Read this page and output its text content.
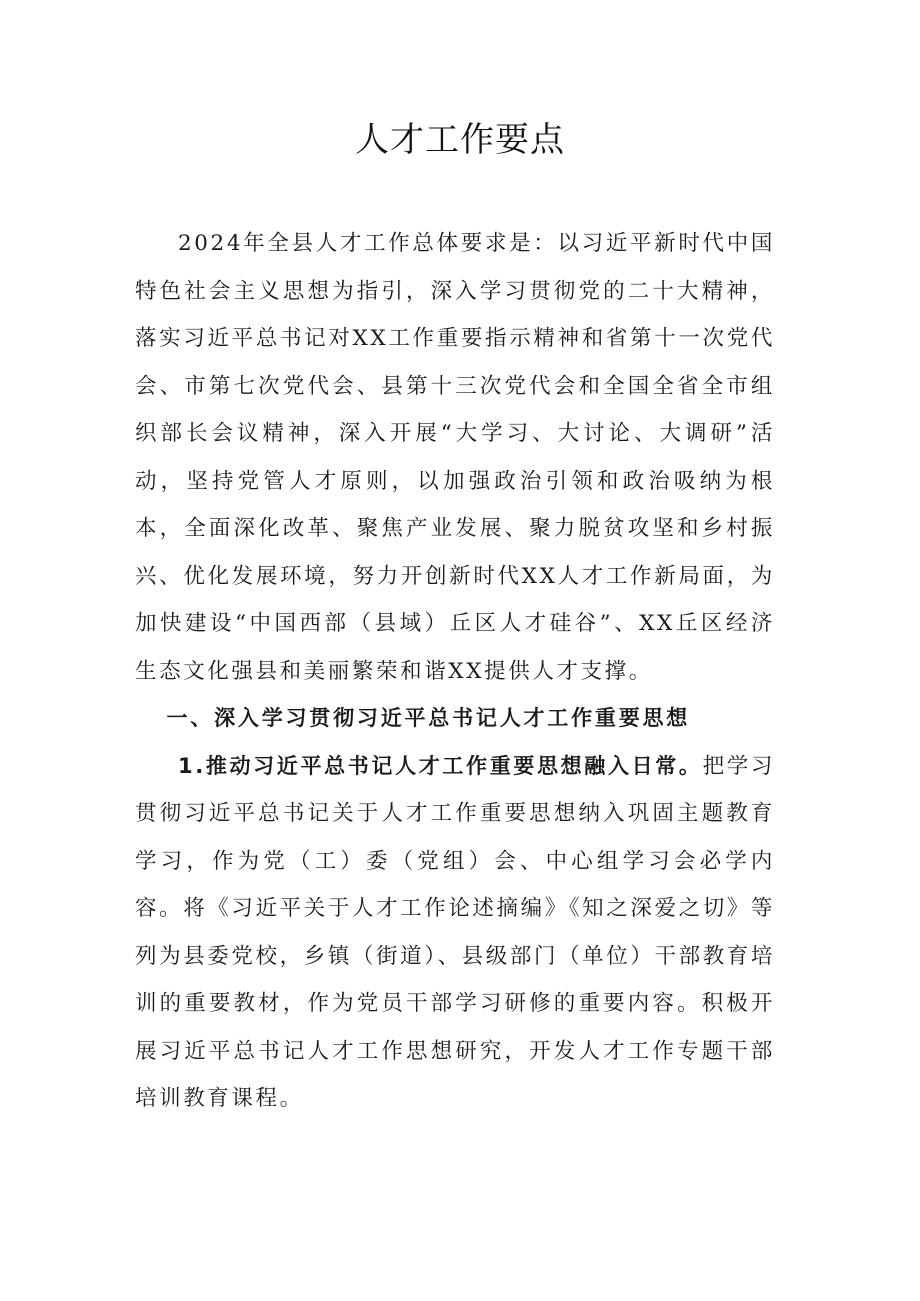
人才工作要点

2024年全县人才工作总体要求是：以习近平新时代中国特色社会主义思想为指引，深入学习贯彻党的二十大精神，落实习近平总书记对XX工作重要指示精神和省第十一次党代会、市第七次党代会、县第十三次党代会和全国全省全市组织部长会议精神，深入开展“大学习、大讨论、大调研”活动，坚持党管人才原则，以加强政治引领和政治吸纳为根本，全面深化改革、聚焦产业发展、聚力脱贫攻坚和乡村振兴、优化发展环境，努力开创新时代XX人才工作新局面，为加快建设“中国西部（县域）丘区人才硅谷”、XX丘区经济生态文化强县和美丽繁荣和谐XX提供人才支撑。

一、深入学习贯彻习近平总书记人才工作重要思想

1.推动习近平总书记人才工作重要思想融入日常。把学习贯彻习近平总书记关于人才工作重要思想纳入巩固主题教育学习，作为党（工）委（党组）会、中心组学习会必学内容。将《习近平关于人才工作论述摘编》《知之深爱之切》等列为县委党校，乡镇（街道）、县级部门（单位）干部教育培训的重要教材，作为党员干部学习研修的重要内容。积极开展习近平总书记人才工作思想研究，开发人才工作专题干部培训教育课程。
